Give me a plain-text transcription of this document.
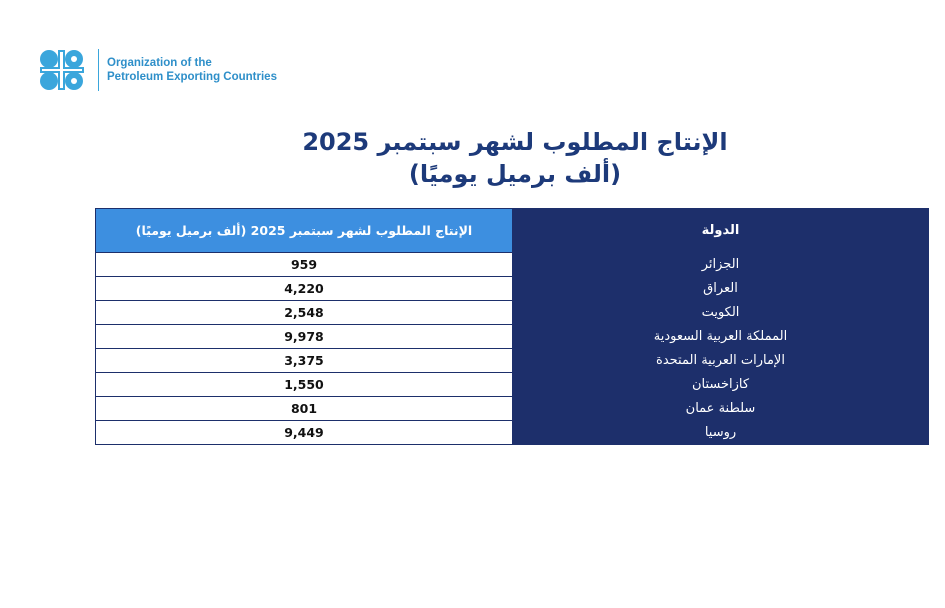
Organization of the
Petroleum Exporting Countries
الإنتاج المطلوب لشهر سبتمبر 2025
(ألف برميل يوميًا)
الإنتاج المطلوب لشهر سبتمبر 2025 (ألف برميل يوميًا)	الدولة
959	الجزائر
4,220	العراق
2,548	الكويت
9,978	المملكة العربية السعودية
3,375	الإمارات العربية المتحدة
1,550	كازاخستان
801	سلطنة عمان
9,449	روسيا
